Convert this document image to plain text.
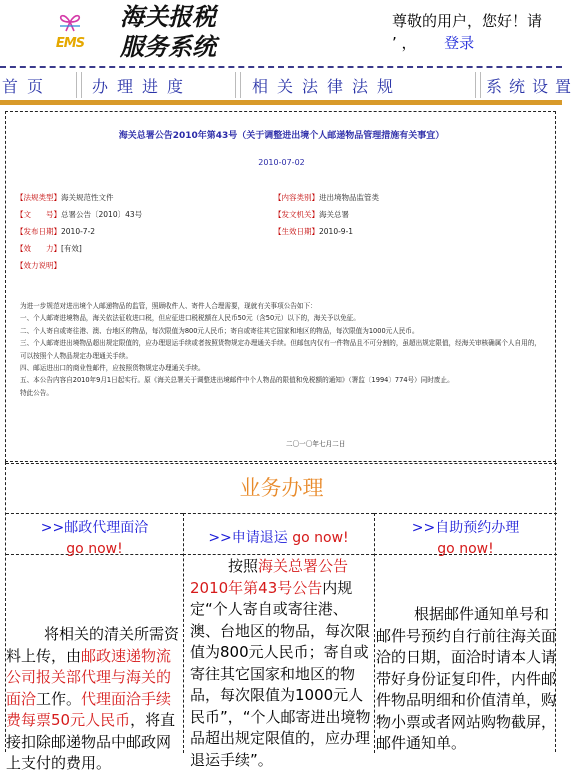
EMS
海关报税
服务系统
尊敬的用户，您好！请
’ ， 登录
首页 办理进度	相关法律法规	系统设置
海关总署公告2010年第43号（关于调整进出境个人邮递物品管理措施有关事宜）
2010-07-02
【法规类型】海关规范性文件	【内容类别】进出境物品监管类
【文　　号】总署公告〔2010〕43号	【发文机关】海关总署
【发布日期】2010-7-2	【生效日期】2010-9-1
【效　　力】[有效]
【效力说明】

为进一步规范对进出境个人邮递物品的监管，照顾收件人、寄件人合理需要，现就有关事项公告如下：

一、个人邮寄进境物品，海关依法征收进口税，但应征进口税税额在人民币50元（含50元）以下的，海关予以免征。

二、个人寄自或寄往港、澳、台地区的物品，每次限值为800元人民币；寄自或寄往其它国家和地区的物品，每次限值为1000元人民币。

三、个人邮寄进出境物品超出规定限值的，应办理退运手续或者按照货物规定办理通关手续。但邮包内仅有一件物品且不可分割的，虽超出规定限值，经海关审核确属个人自用的，

可以按照个人物品规定办理通关手续。

四、邮运进出口的商业性邮件，应按照货物规定办理通关手续。

五、本公告内容自2010年9月1日起实行。原《海关总署关于调整进出境邮件中个人物品的限值和免税额的通知》（署监〔1994〕774号）同时废止。

特此公告。

二〇一〇年七月二日
业务办理
>>邮政代理面洽 go now!
>>申请退运 go now!
>>自助预约办理 go now!
将相关的清关所需资料上传，由邮政速递物流公司报关部代理与海关的面洽工作。代理面洽手续费每票50元人民币，将直接扣除邮递物品中邮政网上支付的费用。
按照海关总署公告2010年第43号公告内规定“个人寄自或寄往港、澳、台地区的物品，每次限值为800元人民币；寄自或寄往其它国家和地区的物品，每次限值为1000元人民币”，“个人邮寄进出境物品超出规定限值的，应办理退运手续”。
根据邮件通知单号和邮件号预约自行前往海关面洽的日期，面洽时请本人请带好身份证复印件，内件邮件物品明细和价值清单，购物小票或者网站购物截屏，邮件通知单。
